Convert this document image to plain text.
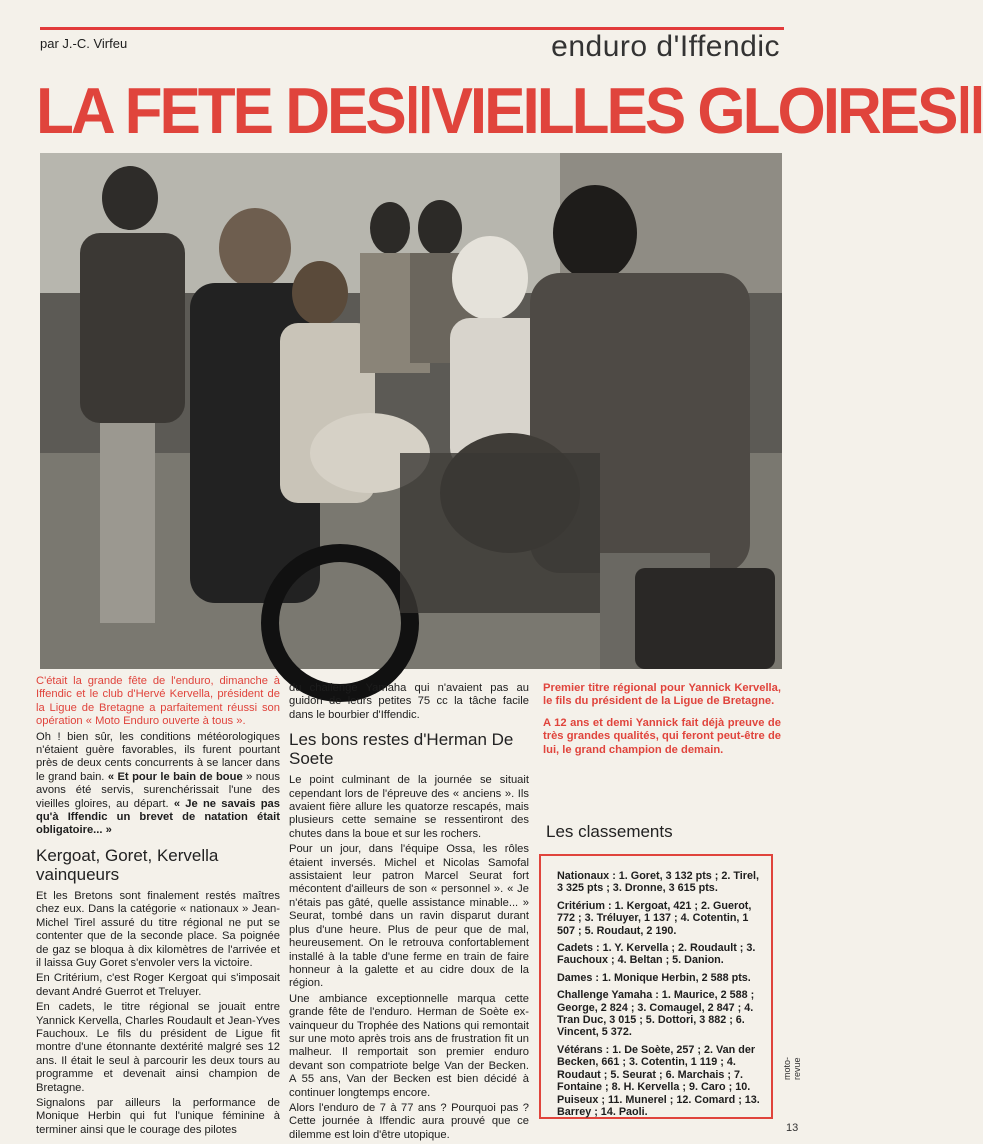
par J.-C. Virfeu	enduro d'Iffendic
LA FETE DES‖VIEILLES GLOIRES‖

C'était la grande fête de l'enduro, dimanche à Iffendic et le club d'Hervé Kervella, président de la Ligue de Bretagne a parfaitement réussi son opération « Moto Enduro ouverte à tous ».

Oh ! bien sûr, les conditions météorologiques n'étaient guère favorables, ils furent pourtant près de deux cents concurrents à se lancer dans le grand bain. « Et pour le bain de boue » nous avons été servis, surenchérissait l'une des vieilles gloires, au départ. « Je ne savais pas qu'à Iffendic un brevet de natation était obligatoire... »

Kergoat, Goret, Kervella vainqueurs

Et les Bretons sont finalement restés maîtres chez eux. Dans la catégorie « nationaux » Jean-Michel Tirel assuré du titre régional ne put se contenter que de la seconde place. Sa poignée de gaz se bloqua à dix kilomètres de l'arrivée et il laissa Guy Goret s'envoler vers la victoire.

En Critérium, c'est Roger Kergoat qui s'imposait devant André Guerrot et Treluyer.

En cadets, le titre régional se jouait entre Yannick Kervella, Charles Roudault et Jean-Yves Fauchoux. Le fils du président de Ligue fit montre d'une étonnante dextérité malgré ses 12 ans. Il était le seul à parcourir les deux tours au programme et devenait ainsi champion de Bretagne.

Signalons par ailleurs la performance de Monique Herbin qui fut l'unique féminine à terminer ainsi que le courage des pilotes

du challenge Yamaha qui n'avaient pas au guidon de leurs petites 75 cc la tâche facile dans le bourbier d'Iffendic.

Les bons restes d'Herman De Soete

Le point culminant de la journée se situait cependant lors de l'épreuve des « anciens ». Ils avaient fière allure les quatorze rescapés, mais plusieurs cette semaine se ressentiront des chutes dans la boue et sur les rochers.

Pour un jour, dans l'équipe Ossa, les rôles étaient inversés. Michel et Nicolas Samofal assistaient leur patron Marcel Seurat fort mécontent d'ailleurs de son « personnel ». « Je n'étais pas gâté, quelle assistance minable... » Seurat, tombé dans un ravin disparut durant plus d'une heure. Plus de peur que de mal, heureusement. On le retrouva confortablement installé à la table d'une ferme en train de faire honneur à la galette et au cidre doux de la région.

Une ambiance exceptionnelle marqua cette grande fête de l'enduro. Herman de Soète ex-vainqueur du Trophée des Nations qui remontait sur une moto après trois ans de frustration fit un malheur. Il remportait son premier enduro devant son compatriote belge Van der Becken. A 55 ans, Van der Becken est bien décidé à continuer longtemps encore.

Alors l'enduro de 7 à 77 ans ? Pourquoi pas ? Cette journée à Iffendic aura prouvé que ce dilemme est loin d'être utopique.

Premier titre régional pour Yannick Kervella, le fils du président de la Ligue de Bretagne.

A 12 ans et demi Yannick fait déjà preuve de très grandes qualités, qui feront peut-être de lui, le grand champion de demain.

Les classements

Nationaux : 1. Goret, 3 132 pts ; 2. Tirel, 3 325 pts ; 3. Dronne, 3 615 pts.

Critérium : 1. Kergoat, 421 ; 2. Guerot, 772 ; 3. Tréluyer, 1 137 ; 4. Cotentin, 1 507 ; 5. Roudaut, 2 190.

Cadets : 1. Y. Kervella ; 2. Roudault ; 3. Fauchoux ; 4. Beltan ; 5. Danion.

Dames : 1. Monique Herbin, 2 588 pts.

Challenge Yamaha : 1. Maurice, 2 588 ; George, 2 824 ; 3. Comaugel, 2 847 ; 4. Tran Duc, 3 015 ; 5. Dottori, 3 882 ; 6. Vincent, 5 372.

Vétérans : 1. De Soète, 257 ; 2. Van der Becken, 661 ; 3. Cotentin, 1 119 ; 4. Roudaut ; 5. Seurat ; 6. Marchais ; 7. Fontaine ; 8. H. Kervella ; 9. Caro ; 10. Puiseux ; 11. Munerel ; 12. Comard ; 13. Barrey ; 14. Paoli.

moto-revue
13
